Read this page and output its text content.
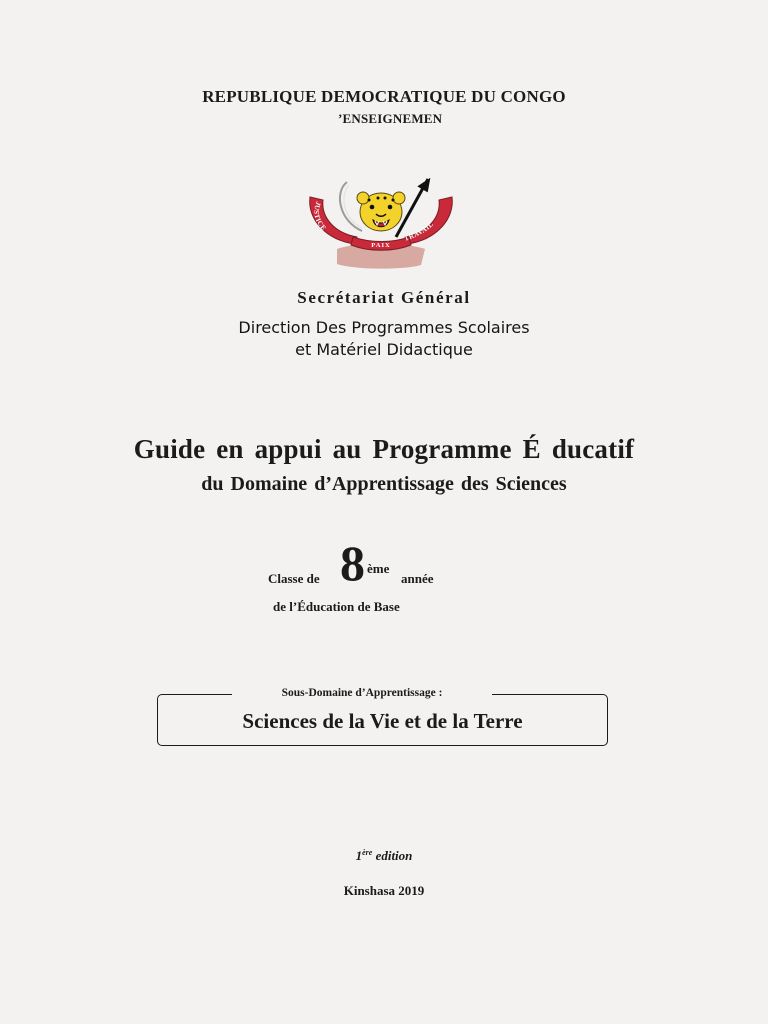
REPUBLIQUE DEMOCRATIQUE DU CONGO
’ENSEIGNEMEN
JUSTICE
PAIX
TRAVAIL
Secrétariat Général
Direction Des Programmes Scolaires
et Matériel Didactique
Guide en appui au Programme É ducatif
du Domaine d’Apprentissage des Sciences
Classe de 8 ème
année
de l’Éducation de Base
Sous-Domaine d’Apprentissage :
Sciences de la Vie et de la Terre
1ère edition
Kinshasa 2019
